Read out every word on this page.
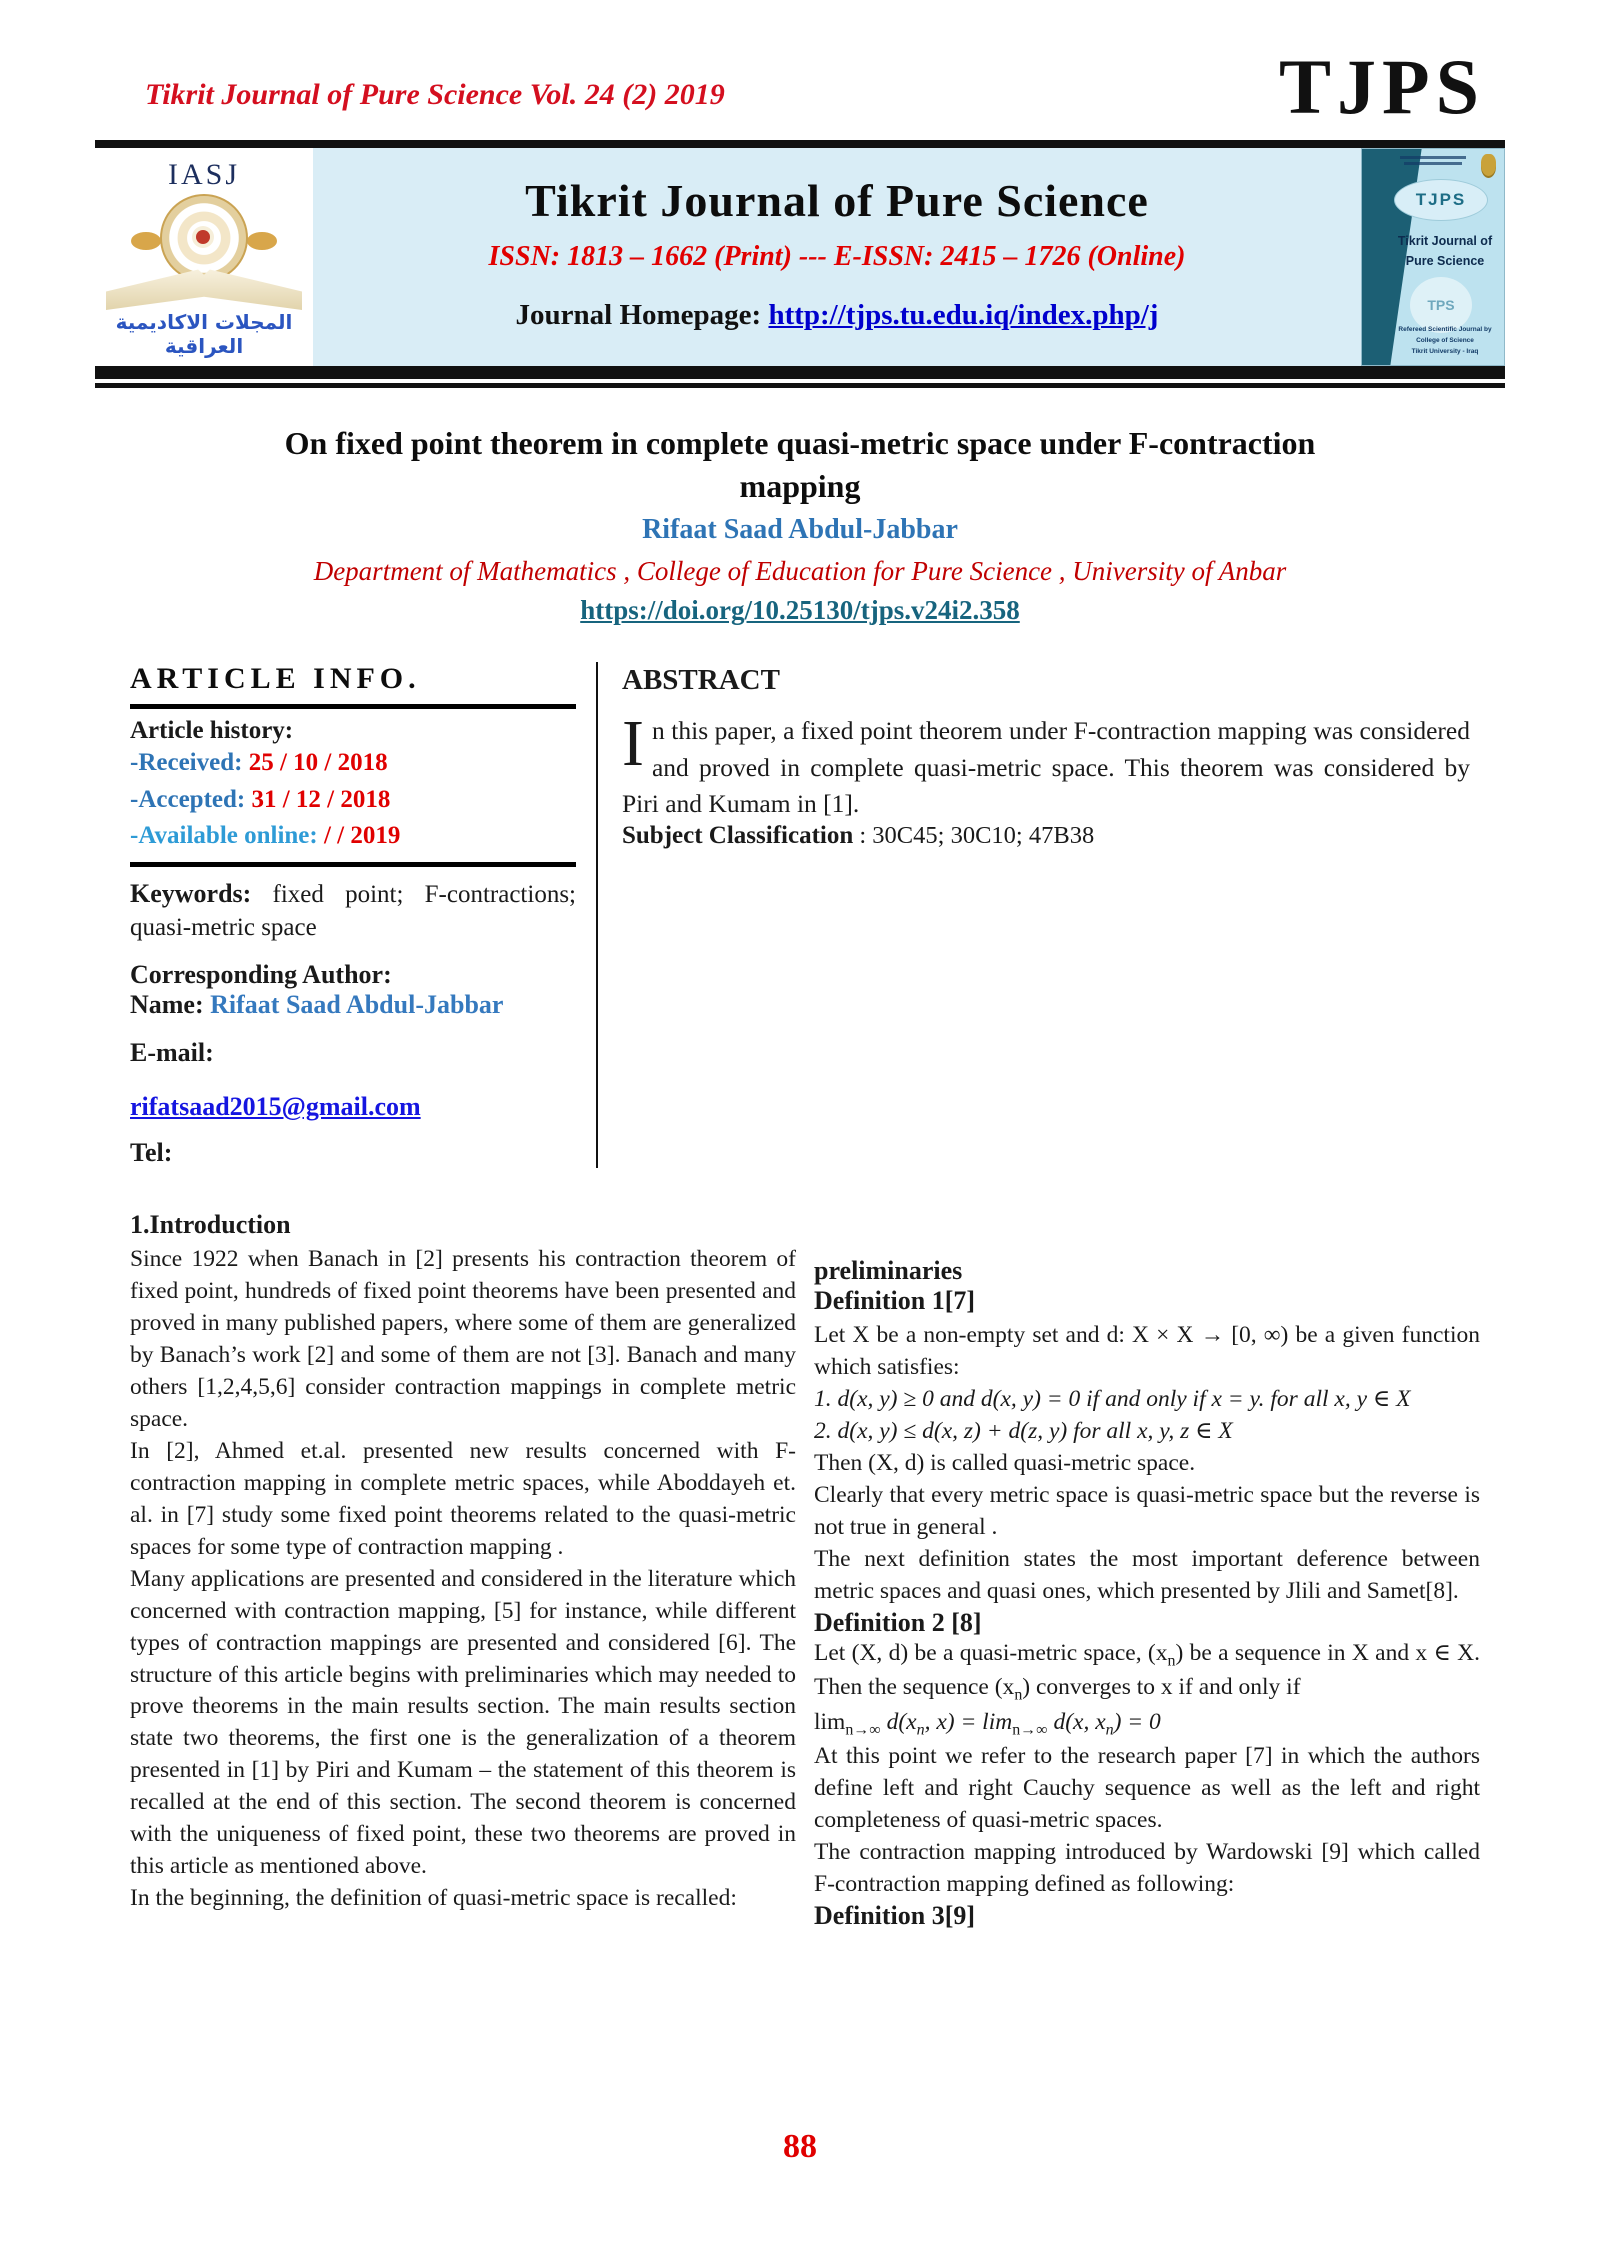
Tikrit Journal of Pure Science Vol. 24 (2) 2019	TJPS
IASJ
المجلات الاكاديمية العراقية
Tikrit Journal of Pure Science
ISSN: 1813 – 1662 (Print) --- E-ISSN: 2415 – 1726 (Online)
Journal Homepage: http://tjps.tu.edu.iq/index.php/j
TJPS
Tikrit Journal of
Pure Science
TPS
Refereed Scientific Journal by College of Science
Tikrit University - Iraq
On fixed point theorem in complete quasi-metric space under F-contraction
mapping
Rifaat Saad Abdul-Jabbar
Department of Mathematics , College of Education for Pure Science , University of Anbar
https://doi.org/10.25130/tjps.v24i2.358
ARTICLE INFO.
Article history:

-Received: 25 / 10 / 2018

-Accepted: 31 / 12 / 2018

-Available online: / / 2019

Keywords: fixed point; F-contractions; quasi-metric space

Corresponding Author:

Name: Rifaat Saad Abdul-Jabbar

E-mail:
rifatsaad2015@gmail.com
Tel:
ABSTRACT

In this paper, a fixed point theorem under F-contraction mapping was considered and proved in complete quasi-metric space. This theorem was considered by Piri and Kumam in [1].

Subject Classification : 30C45; 30C10; 47B38

1.Introduction

Since 1922 when Banach in [2] presents his contraction theorem of fixed point, hundreds of fixed point theorems have been presented and proved in many published papers, where some of them are generalized by Banach’s work [2] and some of them are not [3]. Banach and many others [1,2,4,5,6] consider contraction mappings in complete metric space.

In [2], Ahmed et.al. presented new results concerned with F-contraction mapping in complete metric spaces, while Aboddayeh et. al. in [7] study some fixed point theorems related to the quasi-metric spaces for some type of contraction mapping .

Many applications are presented and considered in the literature which concerned with contraction mapping, [5] for instance, while different types of contraction mappings are presented and considered [6]. The structure of this article begins with preliminaries which may needed to prove theorems in the main results section. The main results section state two theorems, the first one is the generalization of a theorem presented in [1] by Piri and Kumam – the statement of this theorem is recalled at the end of this section. The second theorem is concerned with the uniqueness of fixed point, these two theorems are proved in this article as mentioned above.

In the beginning, the definition of quasi-metric space is recalled:

preliminaries
Definition 1[7]

Let X be a non-empty set and d: X × X → [0, ∞) be a given function which satisfies:

1. d(x, y) ≥ 0 and d(x, y) = 0 if and only if x = y. for all x, y ∈ X

2. d(x, y) ≤ d(x, z) + d(z, y) for all x, y, z ∈ X

Then (X, d) is called quasi-metric space.

Clearly that every metric space is quasi-metric space but the reverse is not true in general .

The next definition states the most important deference between metric spaces and quasi ones, which presented by Jlili and Samet[8].

Definition 2 [8]

Let (X, d) be a quasi-metric space, $(x_n)$ be a sequence in X and x ∈ X. Then the sequence $(x_n)$ converges to x if and only if

$\lim_{n\to\infty} d(x_n$, $x) = \lim_{n\to\infty} d(x$, $x_n) = 0$

At this point we refer to the research paper [7] in which the authors define left and right Cauchy sequence as well as the left and right completeness of quasi-metric spaces.

The contraction mapping introduced by Wardowski [9] which called F-contraction mapping defined as following:

Definition 3[9]
88
